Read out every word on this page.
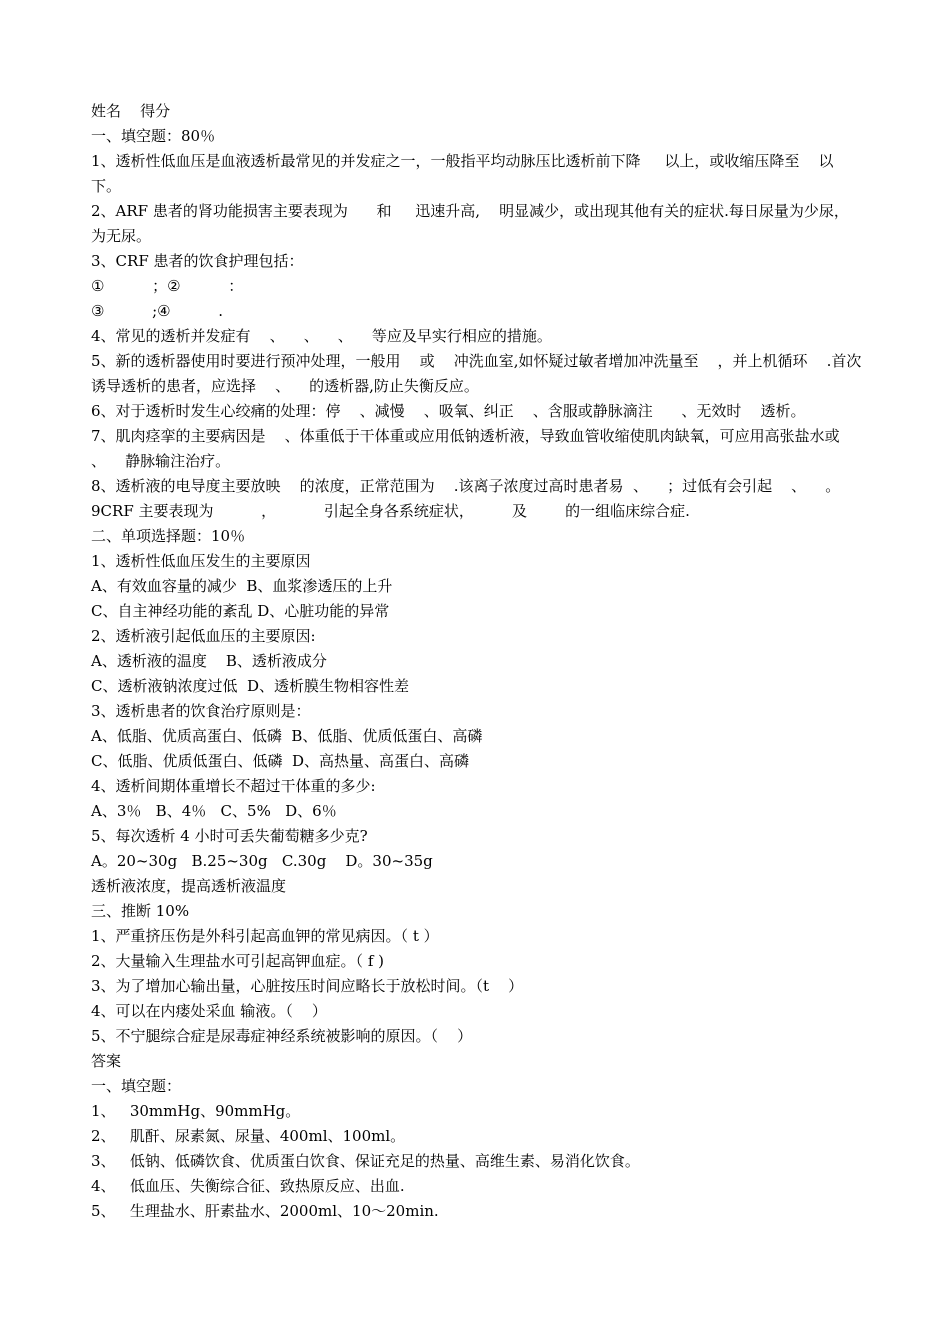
姓名    得分
一、填空题：80％
1、透析性低血压是血液透析最常见的并发症之一，一般指平均动脉压比透析前下降     以上，或收缩压降至    以下。
2、ARF 患者的肾功能损害主要表现为      和     迅速升高,    明显减少，或出现其他有关的症状.每日尿量为少尿，      为无尿。
3、CRF 患者的饮食护理包括：
①          ；②          ：
③          ;④          .
4、常见的透析并发症有    、    、    、    等应及早实行相应的措施。
5、新的透析器使用时要进行预冲处理，一般用    或    冲洗血室,如怀疑过敏者增加冲洗量至    ，并上机循环    .首次诱导透析的患者，应选择    、    的透析器,防止失衡反应。
6、对于透析时发生心绞痛的处理：停    、减慢    、吸氧、纠正    、含服或静脉滴注      、无效时    透析。
7、肌肉痉挛的主要病因是    、体重低于干体重或应用低钠透析液，导致血管收缩使肌肉缺氧，可应用高张盐水或    、    静脉输注治疗。
8、透析液的电导度主要放映    的浓度，正常范围为    .该离子浓度过高时患者易  、    ；过低有会引起    、    。
9CRF 主要表现为          ，          引起全身各系统症状，        及        的一组临床综合症.
二、单项选择题：10％
1、透析性低血压发生的主要原因
A、有效血容量的减少  B、血浆渗透压的上升
C、自主神经功能的紊乱 D、心脏功能的异常
2、透析液引起低血压的主要原因:
A、透析液的温度    B、透析液成分
C、透析液钠浓度过低  D、透析膜生物相容性差
3、透析患者的饮食治疗原则是：
A、低脂、优质高蛋白、低磷  B、低脂、优质低蛋白、高磷
C、低脂、优质低蛋白、低磷  D、高热量、高蛋白、高磷
4、透析间期体重增长不超过干体重的多少:
A、3％   B、4％   C、5%   D、6％
5、每次透析 4 小时可丢失葡萄糖多少克?
A。20~30g   B.25~30g   C.30g    D。30~35g
透析液浓度，提高透析液温度
三、推断 10%
1、严重挤压伤是外科引起高血钾的常见病因。（ t ）
2、大量输入生理盐水可引起高钾血症。（ f )
3、为了增加心输出量，心脏按压时间应略长于放松时间。（t    ）
4、可以在内瘘处采血 输液。（    ）
5、不宁腿综合症是尿毒症神经系统被影响的原因。（    ）
答案
一、填空题：
1、   30mmHg、90mmHg。
2、   肌酐、尿素氮、尿量、400ml、100ml。
3、   低钠、低磷饮食、优质蛋白饮食、保证充足的热量、高维生素、易消化饮食。
4、   低血压、失衡综合征、致热原反应、出血.
5、   生理盐水、肝素盐水、2000ml、10～20min.
